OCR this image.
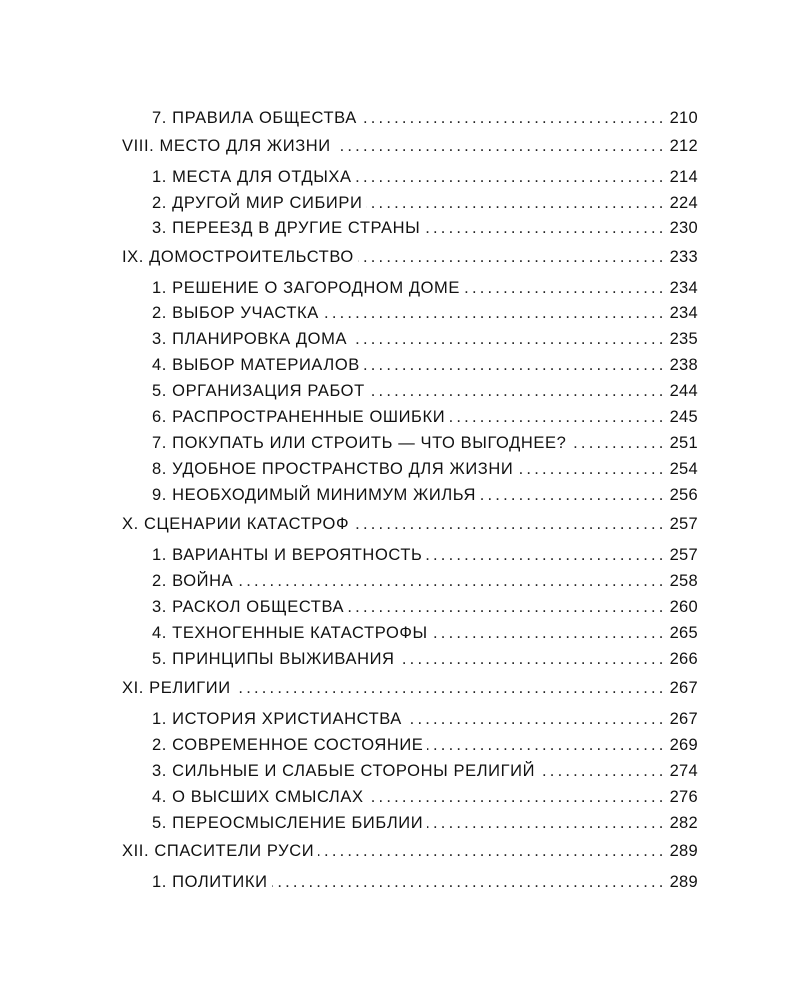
7. ПРАВИЛА ОБЩЕСТВА .....	210
VIII. МЕСТО ДЛЯ ЖИЗНИ .....	212
1. МЕСТА ДЛЯ ОТДЫХА .....	214
2. ДРУГОЙ МИР СИБИРИ .....	224
3. ПЕРЕЕЗД В ДРУГИЕ СТРАНЫ .....	230
IX. ДОМОСТРОИТЕЛЬСТВО .....	233
1. РЕШЕНИЕ О ЗАГОРОДНОМ ДОМЕ .....	234
2. ВЫБОР УЧАСТКА .....	234
3. ПЛАНИРОВКА ДОМА .....	235
4. ВЫБОР МАТЕРИАЛОВ .....	238
5. ОРГАНИЗАЦИЯ РАБОТ .....	244
6. РАСПРОСТРАНЕННЫЕ ОШИБКИ .....	245
7. ПОКУПАТЬ ИЛИ СТРОИТЬ — ЧТО ВЫГОДНЕЕ? .....	251
8. УДОБНОЕ ПРОСТРАНСТВО ДЛЯ ЖИЗНИ .....	254
9. НЕОБХОДИМЫЙ МИНИМУМ ЖИЛЬЯ .....	256
X. СЦЕНАРИИ КАТАСТРОФ .....	257
1. ВАРИАНТЫ И ВЕРОЯТНОСТЬ .....	257
2. ВОЙНА .....	258
3. РАСКОЛ ОБЩЕСТВА .....	260
4. ТЕХНОГЕННЫЕ КАТАСТРОФЫ .....	265
5. ПРИНЦИПЫ ВЫЖИВАНИЯ .....	266
XI. РЕЛИГИИ .....	267
1. ИСТОРИЯ ХРИСТИАНСТВА .....	267
2. СОВРЕМЕННОЕ СОСТОЯНИЕ .....	269
3. СИЛЬНЫЕ И СЛАБЫЕ СТОРОНЫ РЕЛИГИЙ .....	274
4. О ВЫСШИХ СМЫСЛАХ .....	276
5. ПЕРЕОСМЫСЛЕНИЕ БИБЛИИ .....	282
XII. СПАСИТЕЛИ РУСИ .....	289
1. ПОЛИТИКИ .....	289
